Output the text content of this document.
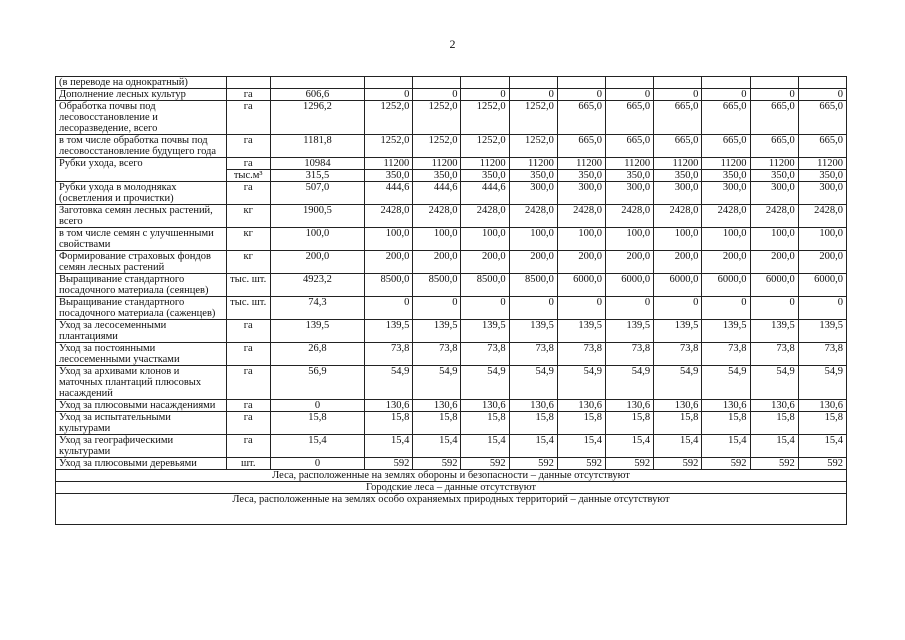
2
(в переводе на однократный)												
Дополнение лесных культур	га	606,6	0	0	0	0	0	0	0	0	0	0
Обработка почвы под лесовосстановление и лесоразведение, всего	га	1296,2	1252,0	1252,0	1252,0	1252,0	665,0	665,0	665,0	665,0	665,0	665,0
в том числе обработка почвы под лесовосстановление будущего года	га	1181,8	1252,0	1252,0	1252,0	1252,0	665,0	665,0	665,0	665,0	665,0	665,0
Рубки ухода, всего	га	10984	11200	11200	11200	11200	11200	11200	11200	11200	11200	11200
	тыс.м³	315,5	350,0	350,0	350,0	350,0	350,0	350,0	350,0	350,0	350,0	350,0
Рубки ухода в молодняках (осветления и прочистки)	га	507,0	444,6	444,6	444,6	300,0	300,0	300,0	300,0	300,0	300,0	300,0
Заготовка семян лесных растений, всего	кг	1900,5	2428,0	2428,0	2428,0	2428,0	2428,0	2428,0	2428,0	2428,0	2428,0	2428,0
в том числе семян с улучшенными свойствами	кг	100,0	100,0	100,0	100,0	100,0	100,0	100,0	100,0	100,0	100,0	100,0
Формирование страховых фондов семян лесных растений	кг	200,0	200,0	200,0	200,0	200,0	200,0	200,0	200,0	200,0	200,0	200,0
Выращивание стандартного посадочного материала (сеянцев)	тыс. шт.	4923,2	8500,0	8500,0	8500,0	8500,0	6000,0	6000,0	6000,0	6000,0	6000,0	6000,0
Выращивание стандартного посадочного материала (саженцев)	тыс. шт.	74,3	0	0	0	0	0	0	0	0	0	0
Уход за лесосеменными плантациями	га	139,5	139,5	139,5	139,5	139,5	139,5	139,5	139,5	139,5	139,5	139,5
Уход за постоянными лесосеменными участками	га	26,8	73,8	73,8	73,8	73,8	73,8	73,8	73,8	73,8	73,8	73,8
Уход за архивами клонов и маточных плантаций плюсовых насаждений	га	56,9	54,9	54,9	54,9	54,9	54,9	54,9	54,9	54,9	54,9	54,9
Уход за плюсовыми насаждениями	га	0	130,6	130,6	130,6	130,6	130,6	130,6	130,6	130,6	130,6	130,6
Уход за испытательными культурами	га	15,8	15,8	15,8	15,8	15,8	15,8	15,8	15,8	15,8	15,8	15,8
Уход за географическими культурами	га	15,4	15,4	15,4	15,4	15,4	15,4	15,4	15,4	15,4	15,4	15,4
Уход за плюсовыми деревьями	шт.	0	592	592	592	592	592	592	592	592	592	592
Леса, расположенные на землях обороны и безопасности – данные отсутствуют												
Городские леса – данные отсутствуют												
Леса, расположенные на землях особо охраняемых природных территорий – данные отсутствуют												
